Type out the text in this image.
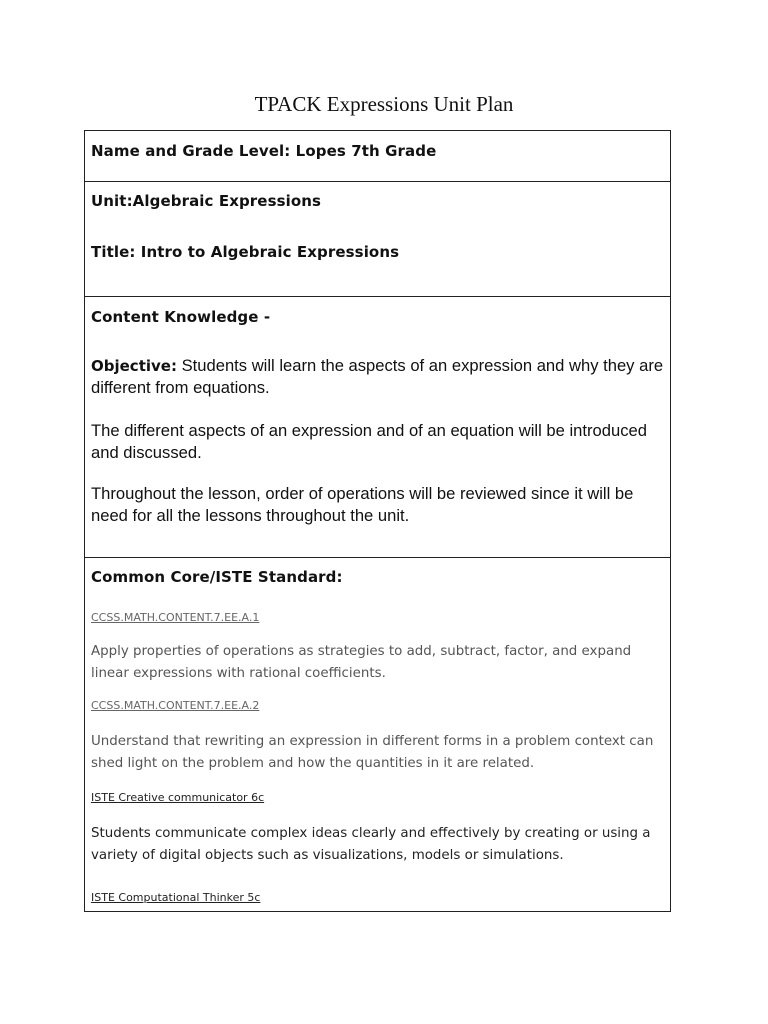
TPACK Expressions Unit Plan
Name and Grade Level: Lopes 7th Grade
Unit:Algebraic Expressions
Title: Intro to Algebraic Expressions
Content Knowledge -
Objective: Students will learn the aspects of an expression and why they are different from equations.
The different aspects of an expression and of an equation will be introduced and discussed.
Throughout the lesson, order of operations will be reviewed since it will be need for all the lessons throughout the unit.
Common Core/ISTE Standard:
CCSS.MATH.CONTENT.7.EE.A.1
Apply properties of operations as strategies to add, subtract, factor, and expand linear expressions with rational coefficients.
CCSS.MATH.CONTENT.7.EE.A.2
Understand that rewriting an expression in different forms in a problem context can shed light on the problem and how the quantities in it are related.
ISTE Creative communicator 6c
Students communicate complex ideas clearly and effectively by creating or using a variety of digital objects such as visualizations, models or simulations.
ISTE Computational Thinker 5c
